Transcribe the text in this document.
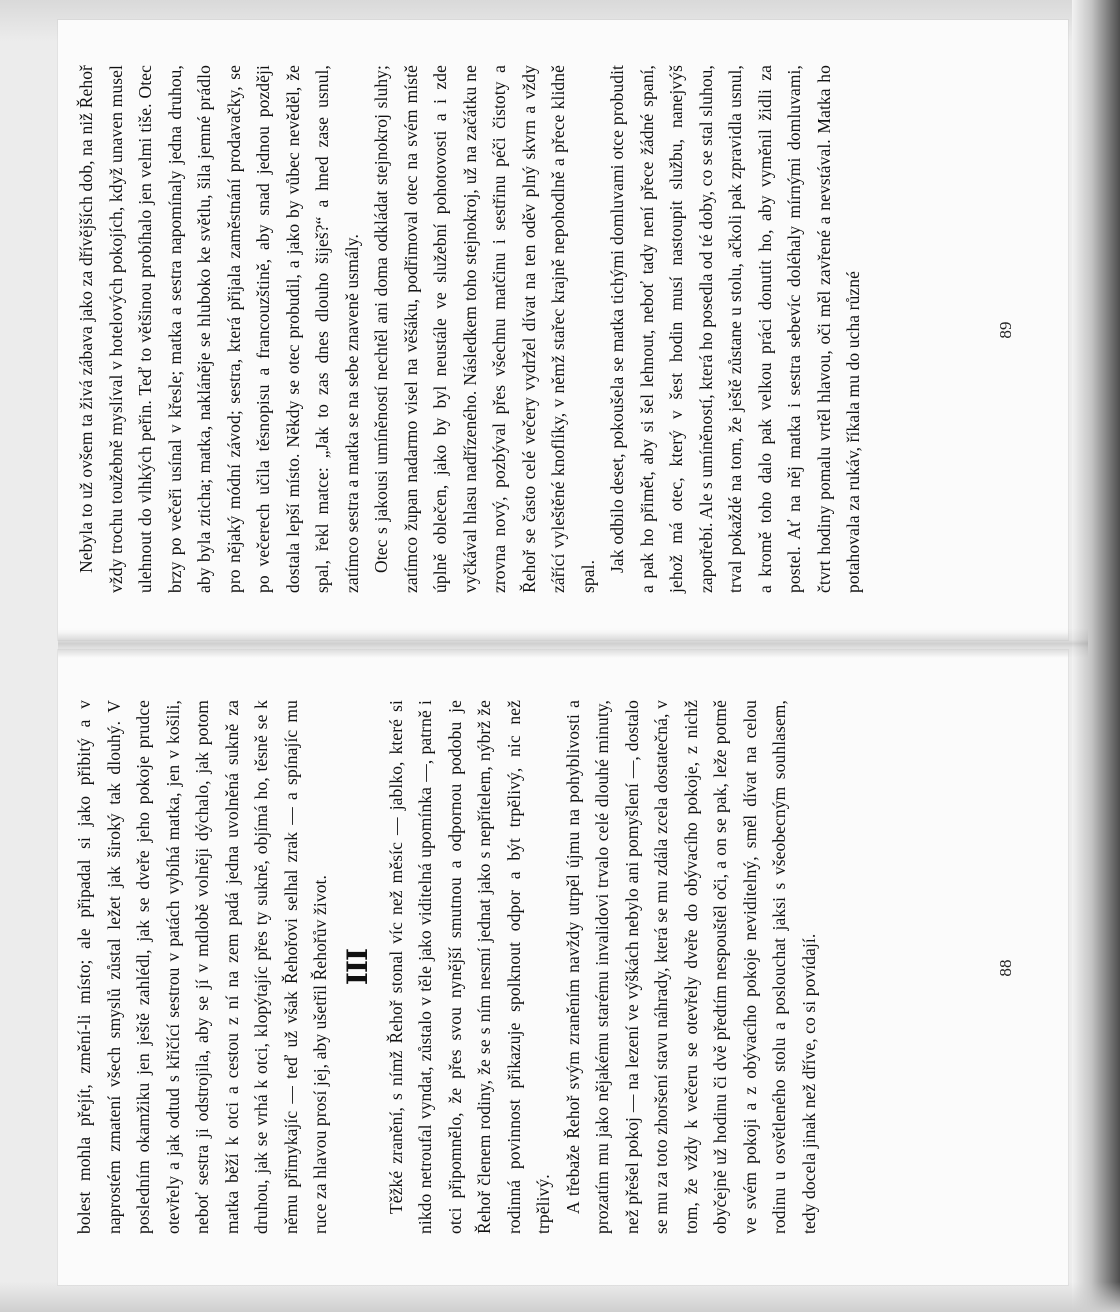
Nebyla to už ovšem ta živá zábava jako za dřívějších dob, na niž Řehoř vždy trochu toužebně myslíval v hotelových pokojích, když unaven musel ulehnout do vlhkých peřin. Teď to většinou probíhalo jen velmi tiše. Otec brzy po večeři usínal v křesle; matka a sestra napomínaly jedna druhou, aby byla zticha; matka, nakláněje se hluboko ke světlu, šila jemné prádlo pro nějaký módní závod; sestra, která přijala zaměstnání prodavačky, se po večerech učila těsnopisu a francouzštině, aby snad jednou později dostala lepší místo. Někdy se otec probudil, a jako by vůbec nevěděl, že spal, řekl matce: „Jak to zas dnes dlouho šiješ?“ a hned zase usnul, zatímco sestra a matka se na sebe znaveně usmály. Otec s jakousi umíněností nechtěl ani doma odkládat stejnokroj sluhy; zatímco župan nadarmo visel na věšáku, podřimoval otec na svém místě úplně oblečen, jako by byl neustále ve služební pohotovosti a i zde vyčkával hlasu nadřízeného. Následkem toho stejnokroj, už na začátku ne zrovna nový, pozbýval přes všechnu matčinu i sestřinu péči čistoty a Řehoř se často celé večery vydržel dívat na ten oděv plný skvrn a vždy zářící vyleštěné knoflíky, v němž stařec krajně nepohodlně a přece klidně spal.

Jak odbilo deset, pokoušela se matka tichými domluvami otce probudit a pak ho přimět, aby si šel lehnout, neboť tady není přece žádné spaní, jehož má otec, který v šest hodin musí nastoupit službu, nanejvýš zapotřebí. Ale s umíněností, která ho posedla od té doby, co se stal sluhou, trval pokaždé na tom, že ještě zůstane u stolu, ačkoli pak zpravidla usnul, a kromě toho dalo pak velkou práci donutit ho, aby vyměnil židli za postel. Ať na něj matka i sestra sebevíc doléhaly mírnými domluvami, čtvrt hodiny pomalu vrtěl hlavou, oči měl zavřené a nevstával. Matka ho potahovala za rukáv, říkala mu do ucha různé	89

bolest mohla přejít, změní-li místo; ale připadal si jako přibitý a v naprostém zmatení všech smyslů zůstal ležet jak široký tak dlouhý. V posledním okamžiku jen ještě zahlédl, jak se dveře jeho pokoje prudce otevřely a jak odtud s křičící sestrou v patách vybíhá matka, jen v košili, neboť sestra ji odstrojila, aby se jí v mdlobě volněji dýchalo, jak potom matka běží k otci a cestou z ní na zem padá jedna uvolněná sukně za druhou, jak se vrhá k otci, klopýtajíc přes ty sukně, objímá ho, těsně se k němu přimykajíc — teď už však Řehořovi selhal zrak — a spínajíc mu ruce za hlavou prosí jej, aby ušetřil Řehořův život. III Těžké zranění, s nímž Řehoř stonal víc než měsíc — jablko, které si nikdo netroufal vyndat, zůstalo v těle jako viditelná upomínka —, patrně i otci připomnělo, že přes svou nynější smutnou a odpornou podobu je Řehoř členem rodiny, že se s ním nesmí jednat jako s nepřítelem, nýbrž že rodinná povinnost přikazuje spolknout odpor a být trpělivý, nic než trpělivý. A třebaže Řehoř svým zraněním navždy utrpěl újmu na pohyblivosti a prozatím mu jako nějakému starému invalidovi trvalo celé dlouhé minuty, než přešel pokoj — na lezení ve výškách nebylo ani pomyšlení —, dostalo se mu za toto zhoršení stavu náhrady, která se mu zdála zcela dostatečná, v tom, že vždy k večeru se otevřely dveře do obývacího pokoje, z nichž obyčejně už hodinu či dvě předtím nespouštěl oči, a on se pak, leže potmě ve svém pokoji a z obývacího pokoje neviditelný, směl dívat na celou rodinu u osvětleného stolu a poslouchat jaksi s všeobecným souhlasem, tedy docela jinak než dříve, co si povídají.	88
